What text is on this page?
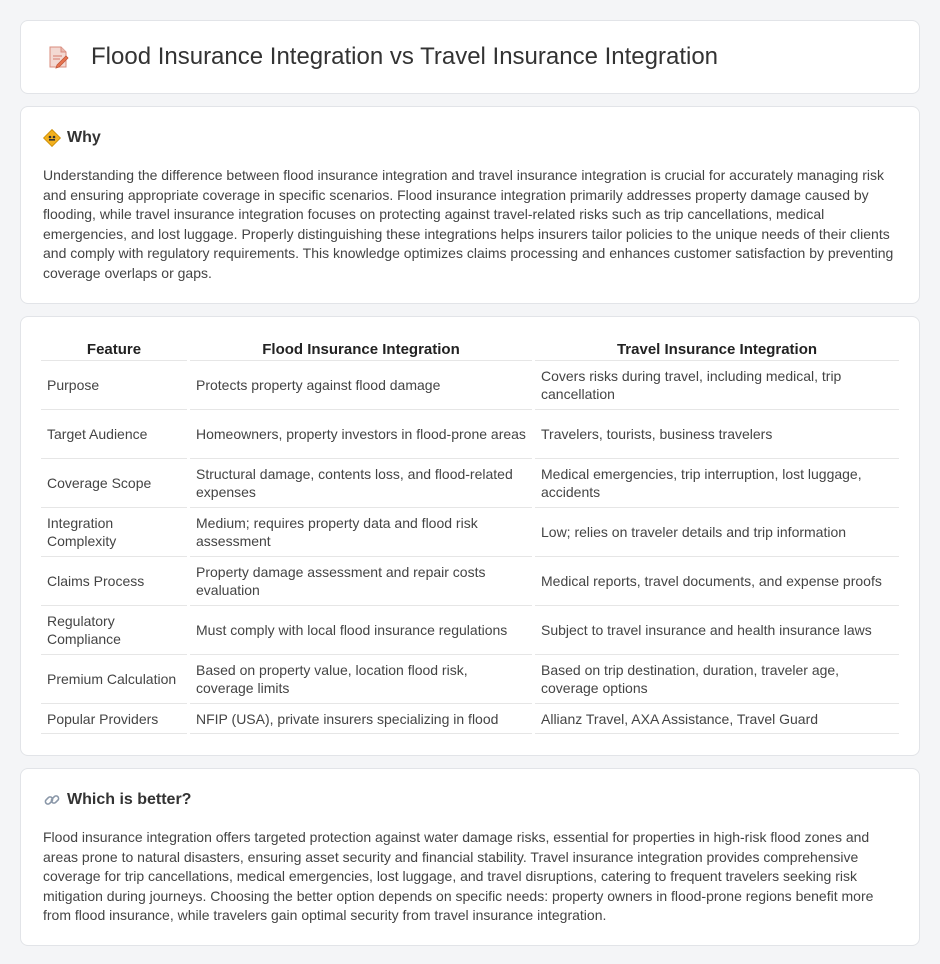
Flood Insurance Integration vs Travel Insurance Integration
Why

Understanding the difference between flood insurance integration and travel insurance integration is crucial for accurately managing risk and ensuring appropriate coverage in specific scenarios. Flood insurance integration primarily addresses property damage caused by flooding, while travel insurance integration focuses on protecting against travel-related risks such as trip cancellations, medical emergencies, and lost luggage. Properly distinguishing these integrations helps insurers tailor policies to the unique needs of their clients and comply with regulatory requirements. This knowledge optimizes claims processing and enhances customer satisfaction by preventing coverage overlaps or gaps.

Feature	Flood Insurance Integration	Travel Insurance Integration
Purpose	Protects property against flood damage	Covers risks during travel, including medical, trip cancellation
Target Audience	Homeowners, property investors in flood-prone areas	Travelers, tourists, business travelers
Coverage Scope	Structural damage, contents loss, and flood-related expenses	Medical emergencies, trip interruption, lost luggage, accidents
Integration Complexity	Medium; requires property data and flood risk assessment	Low; relies on traveler details and trip information
Claims Process	Property damage assessment and repair costs evaluation	Medical reports, travel documents, and expense proofs
Regulatory Compliance	Must comply with local flood insurance regulations	Subject to travel insurance and health insurance laws
Premium Calculation	Based on property value, location flood risk, coverage limits	Based on trip destination, duration, traveler age, coverage options
Popular Providers	NFIP (USA), private insurers specializing in flood	Allianz Travel, AXA Assistance, Travel Guard
Which is better?

Flood insurance integration offers targeted protection against water damage risks, essential for properties in high-risk flood zones and areas prone to natural disasters, ensuring asset security and financial stability. Travel insurance integration provides comprehensive coverage for trip cancellations, medical emergencies, lost luggage, and travel disruptions, catering to frequent travelers seeking risk mitigation during journeys. Choosing the better option depends on specific needs: property owners in flood-prone regions benefit more from flood insurance, while travelers gain optimal security from travel insurance integration.
